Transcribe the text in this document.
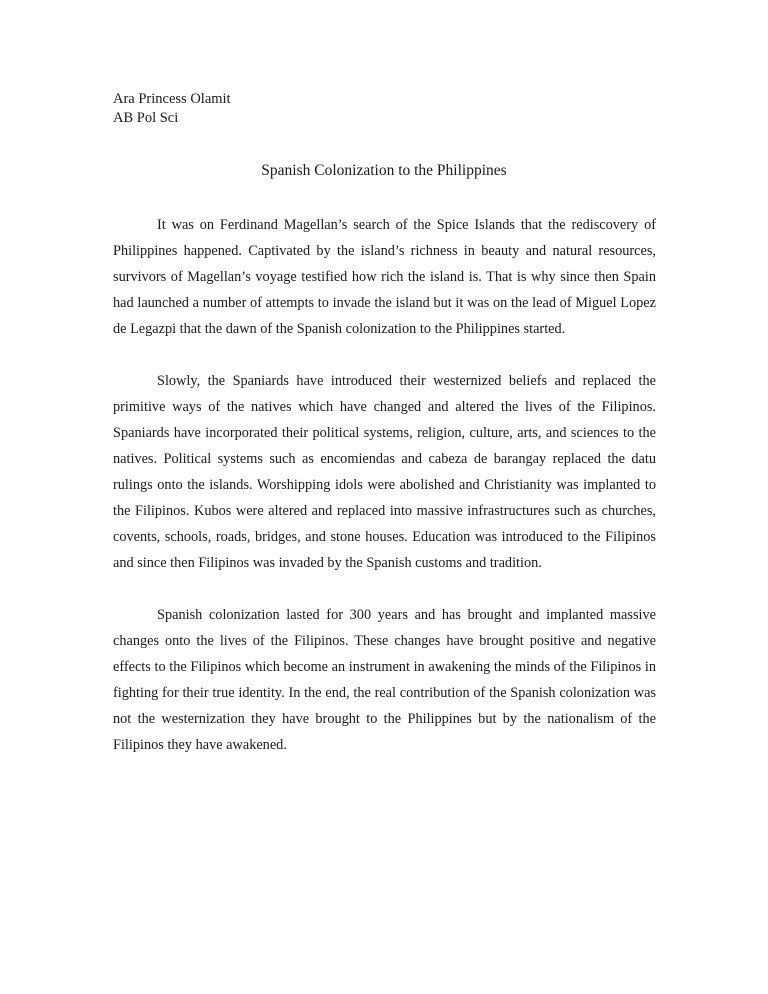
Ara Princess Olamit
AB Pol Sci
Spanish Colonization to the Philippines

It was on Ferdinand Magellan’s search of the Spice Islands that the rediscovery of Philippines happened. Captivated by the island’s richness in beauty and natural resources, survivors of Magellan’s voyage testified how rich the island is. That is why since then Spain had launched a number of attempts to invade the island but it was on the lead of Miguel Lopez de Legazpi that the dawn of the Spanish colonization to the Philippines started.

Slowly, the Spaniards have introduced their westernized beliefs and replaced the primitive ways of the natives which have changed and altered the lives of the Filipinos. Spaniards have incorporated their political systems, religion, culture, arts, and sciences to the natives. Political systems such as encomiendas and cabeza de barangay replaced the datu rulings onto the islands. Worshipping idols were abolished and Christianity was implanted to the Filipinos. Kubos were altered and replaced into massive infrastructures such as churches, covents, schools, roads, bridges, and stone houses. Education was introduced to the Filipinos and since then Filipinos was invaded by the Spanish customs and tradition.

Spanish colonization lasted for 300 years and has brought and implanted massive changes onto the lives of the Filipinos. These changes have brought positive and negative effects to the Filipinos which become an instrument in awakening the minds of the Filipinos in fighting for their true identity. In the end, the real contribution of the Spanish colonization was not the westernization they have brought to the Philippines but by the nationalism of the Filipinos they have awakened.
